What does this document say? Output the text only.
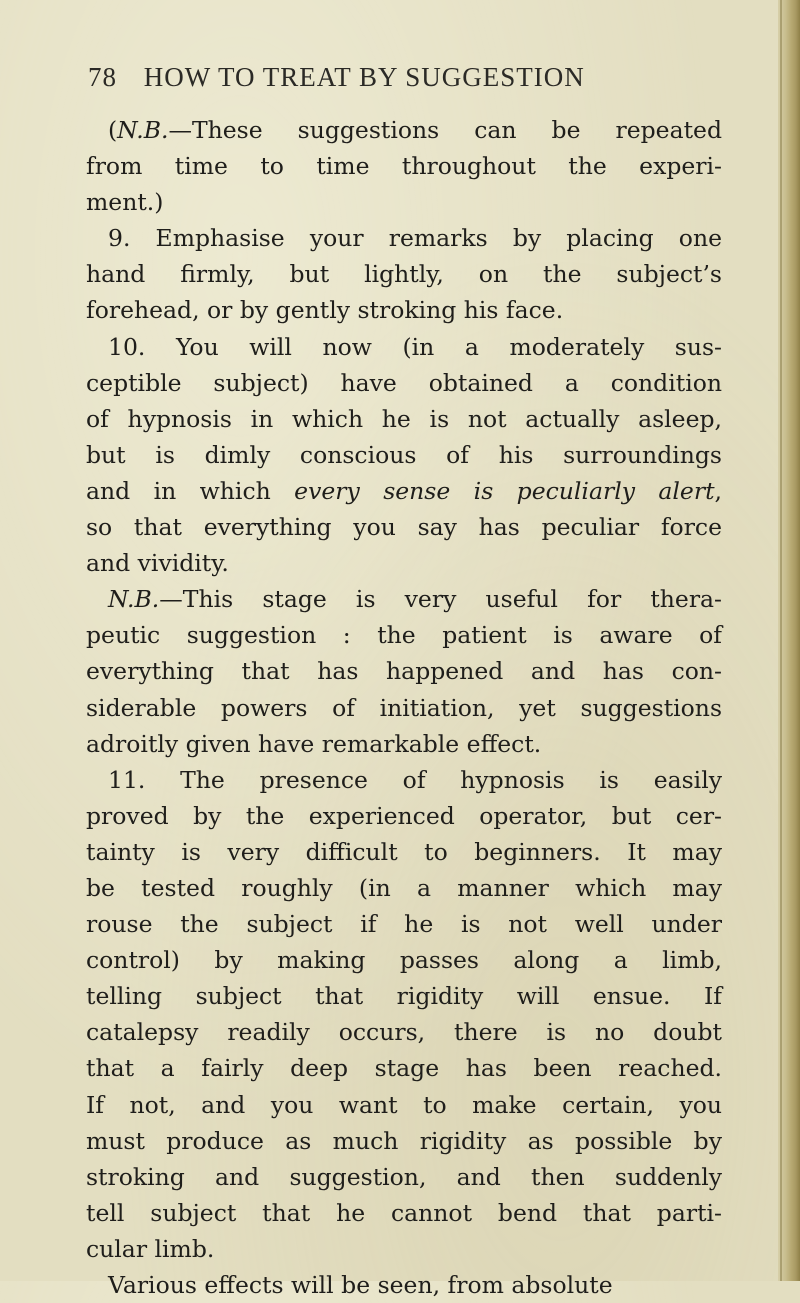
78 HOW TO TREAT BY SUGGESTION
(N.B.—These suggestions can be repeated
from time to time throughout the experi-
ment.)
9. Emphasise your remarks by placing one
hand firmly, but lightly, on the subject’s
forehead, or by gently stroking his face.
10. You will now (in a moderately sus-
ceptible subject) have obtained a condition
of hypnosis in which he is not actually asleep,
but is dimly conscious of his surroundings
and in which every sense is peculiarly alert,
so that everything you say has peculiar force
and vividity.
N.B.—This stage is very useful for thera-
peutic suggestion : the patient is aware of
everything that has happened and has con-
siderable powers of initiation, yet suggestions
adroitly given have remarkable effect.
11. The presence of hypnosis is easily
proved by the experienced operator, but cer-
tainty is very difficult to beginners. It may
be tested roughly (in a manner which may
rouse the subject if he is not well under
control) by making passes along a limb,
telling subject that rigidity will ensue. If
catalepsy readily occurs, there is no doubt
that a fairly deep stage has been reached.
If not, and you want to make certain, you
must produce as much rigidity as possible by
stroking and suggestion, and then suddenly
tell subject that he cannot bend that parti-
cular limb.
Various effects will be seen, from absolute
